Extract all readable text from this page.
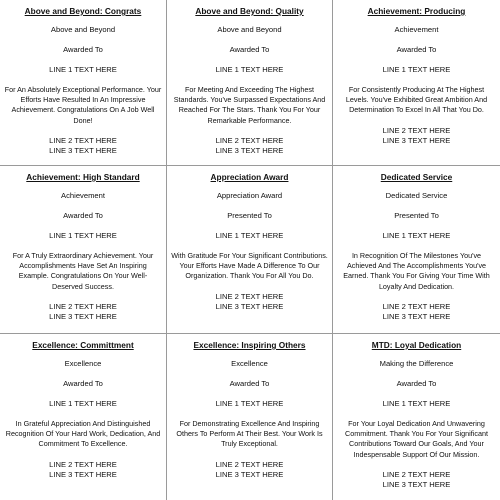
Above and Beyond: Congrats

Above and Beyond

Awarded To

LINE 1 TEXT HERE

For An Absolutely Exceptional Performance. Your Efforts Have Resulted In An Impressive Achievement. Congratulations On A Job Well Done!

LINE 2 TEXT HERE

LINE 3 TEXT HERE

Above and Beyond: Quality

Above and Beyond

Awarded To

LINE 1 TEXT HERE

For Meeting And Exceeding The Highest Standards. You've Surpassed Expectations And Reached For The Stars. Thank You For Your Remarkable Performance.

LINE 2 TEXT HERE

LINE 3 TEXT HERE

Achievement: Producing

Achievement

Awarded To

LINE 1 TEXT HERE

For Consistently Producing At The Highest Levels. You've Exhibited Great Ambition And Determination To Excel In All That You Do.

LINE 2 TEXT HERE

LINE 3 TEXT HERE

Achievement: High Standard

Achievement

Awarded To

LINE 1 TEXT HERE

For A Truly Extraordinary Achievement. Your Accomplishments Have Set An Inspiring Example. Congratulations On Your Well-Deserved Success.

LINE 2 TEXT HERE

LINE 3 TEXT HERE

Appreciation Award

Appreciation Award

Presented To

LINE 1 TEXT HERE

With Gratitude For Your Significant Contributions. Your Efforts Have Made A Difference To Our Organization. Thank You For All You Do.

LINE 2 TEXT HERE

LINE 3 TEXT HERE

Dedicated Service

Dedicated Service

Presented To

LINE 1 TEXT HERE

In Recognition Of The Milestones You've Achieved And The Accomplishments You've Earned. Thank You For Giving Your Time With Loyalty And Dedication.

LINE 2 TEXT HERE

LINE 3 TEXT HERE

Excellence: Committment

Excellence

Awarded To

LINE 1 TEXT HERE

In Grateful Appreciation And Distinguished Recognition Of Your Hard Work, Dedication, And Commitment To Excellence.

LINE 2 TEXT HERE

LINE 3 TEXT HERE

Excellence: Inspiring Others

Excellence

Awarded To

LINE 1 TEXT HERE

For Demonstrating Excellence And Inspiring Others To Perform At Their Best. Your Work Is Truly Exceptional.

LINE 2 TEXT HERE

LINE 3 TEXT HERE

MTD: Loyal Dedication

Making the Difference

Awarded To

LINE 1 TEXT HERE

For Your Loyal Dedication And Unwavering Commitment. Thank You For Your Significant Contributions Toward Our Goals, And Your Indespensable Support Of Our Mission.

LINE 2 TEXT HERE

LINE 3 TEXT HERE
